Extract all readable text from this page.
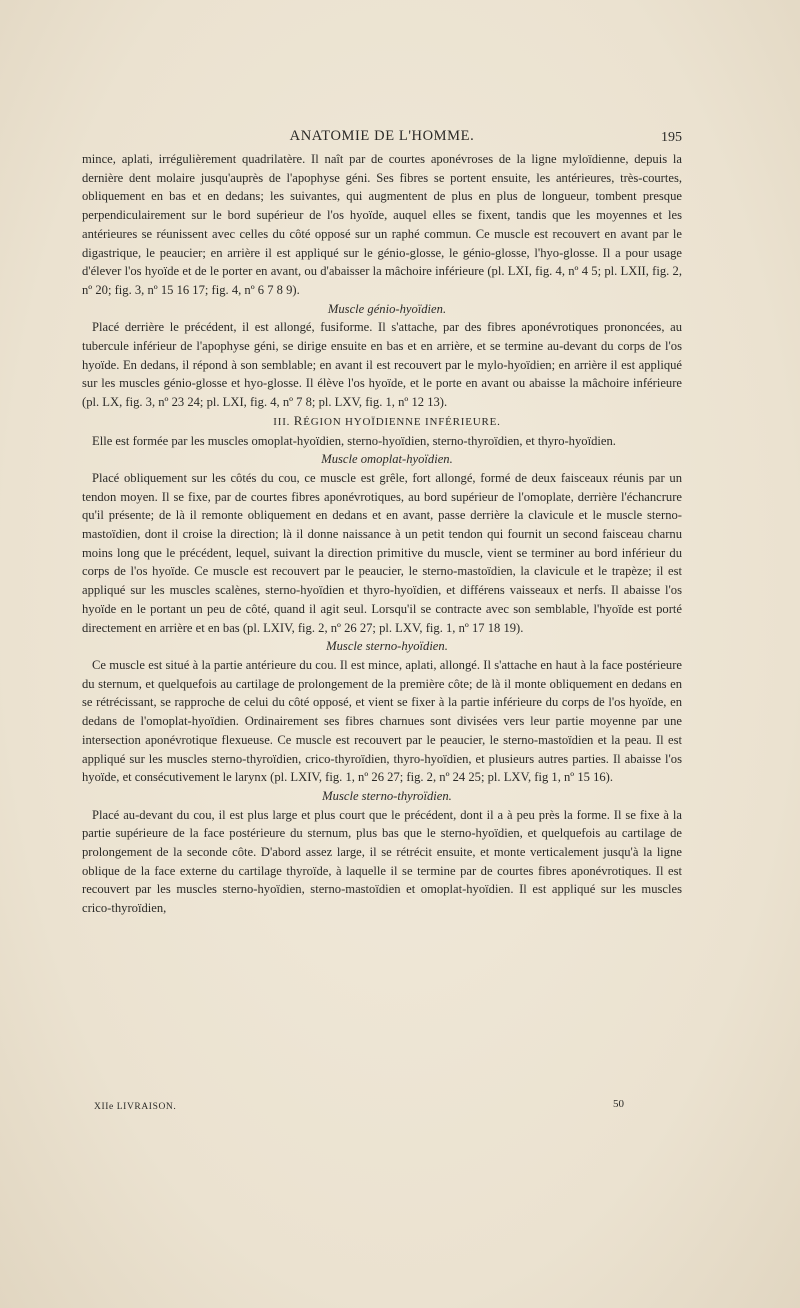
ANATOMIE DE L'HOMME.	195

mince, aplati, irrégulièrement quadrilatère. Il naît par de courtes aponévroses de la ligne myloïdienne, depuis la dernière dent molaire jusqu'auprès de l'apophyse géni. Ses fibres se portent ensuite, les antérieures, très-courtes, obliquement en bas et en dedans; les suivantes, qui augmentent de plus en plus de longueur, tombent presque perpendiculairement sur le bord supérieur de l'os hyoïde, auquel elles se fixent, tandis que les moyennes et les antérieures se réunissent avec celles du côté opposé sur un raphé commun. Ce muscle est recouvert en avant par le digastrique, le peaucier; en arrière il est appliqué sur le génio-glosse, le génio-glosse, l'hyo-glosse. Il a pour usage d'élever l'os hyoïde et de le porter en avant, ou d'abaisser la mâchoire inférieure (pl. LXI, fig. 4, nº 4 5; pl. LXII, fig. 2, nº 20; fig. 3, nº 15 16 17; fig. 4, nº 6 7 8 9).

Muscle génio-hyoïdien.

Placé derrière le précédent, il est allongé, fusiforme. Il s'attache, par des fibres aponévrotiques prononcées, au tubercule inférieur de l'apophyse géni, se dirige ensuite en bas et en arrière, et se termine au-devant du corps de l'os hyoïde. En dedans, il répond à son semblable; en avant il est recouvert par le mylo-hyoïdien; en arrière il est appliqué sur les muscles génio-glosse et hyo-glosse. Il élève l'os hyoïde, et le porte en avant ou abaisse la mâchoire inférieure (pl. LX, fig. 3, nº 23 24; pl. LXI, fig. 4, nº 7 8; pl. LXV, fig. 1, nº 12 13).

III. RÉGION HYOÏDIENNE INFÉRIEURE.

Elle est formée par les muscles omoplat-hyoïdien, sterno-hyoïdien, sterno-thyroïdien, et thyro-hyoïdien.

Muscle omoplat-hyoïdien.

Placé obliquement sur les côtés du cou, ce muscle est grêle, fort allongé, formé de deux faisceaux réunis par un tendon moyen. Il se fixe, par de courtes fibres aponévrotiques, au bord supérieur de l'omoplate, derrière l'échancrure qu'il présente; de là il remonte obliquement en dedans et en avant, passe derrière la clavicule et le muscle sterno-mastoïdien, dont il croise la direction; là il donne naissance à un petit tendon qui fournit un second faisceau charnu moins long que le précédent, lequel, suivant la direction primitive du muscle, vient se terminer au bord inférieur du corps de l'os hyoïde. Ce muscle est recouvert par le peaucier, le sterno-mastoïdien, la clavicule et le trapèze; il est appliqué sur les muscles scalènes, sterno-hyoïdien et thyro-hyoïdien, et différens vaisseaux et nerfs. Il abaisse l'os hyoïde en le portant un peu de côté, quand il agit seul. Lorsqu'il se contracte avec son semblable, l'hyoïde est porté directement en arrière et en bas (pl. LXIV, fig. 2, nº 26 27; pl. LXV, fig. 1, nº 17 18 19).

Muscle sterno-hyoïdien.

Ce muscle est situé à la partie antérieure du cou. Il est mince, aplati, allongé. Il s'attache en haut à la face postérieure du sternum, et quelquefois au cartilage de prolongement de la première côte; de là il monte obliquement en dedans en se rétrécissant, se rapproche de celui du côté opposé, et vient se fixer à la partie inférieure du corps de l'os hyoïde, en dedans de l'omoplat-hyoïdien. Ordinairement ses fibres charnues sont divisées vers leur partie moyenne par une intersection aponévrotique flexueuse. Ce muscle est recouvert par le peaucier, le sterno-mastoïdien et la peau. Il est appliqué sur les muscles sterno-thyroïdien, crico-thyroïdien, thyro-hyoïdien, et plusieurs autres parties. Il abaisse l'os hyoïde, et consécutivement le larynx (pl. LXIV, fig. 1, nº 26 27; fig. 2, nº 24 25; pl. LXV, fig 1, nº 15 16).

Muscle sterno-thyroïdien.

Placé au-devant du cou, il est plus large et plus court que le précédent, dont il a à peu près la forme. Il se fixe à la partie supérieure de la face postérieure du sternum, plus bas que le sterno-hyoïdien, et quelquefois au cartilage de prolongement de la seconde côte. D'abord assez large, il se rétrécit ensuite, et monte verticalement jusqu'à la ligne oblique de la face externe du cartilage thyroïde, à laquelle il se termine par de courtes fibres aponévrotiques. Il est recouvert par les muscles sterno-hyoïdien, sterno-mastoïdien et omoplat-hyoïdien. Il est appliqué sur les muscles crico-thyroïdien,

XIIe LIVRAISON.	50
